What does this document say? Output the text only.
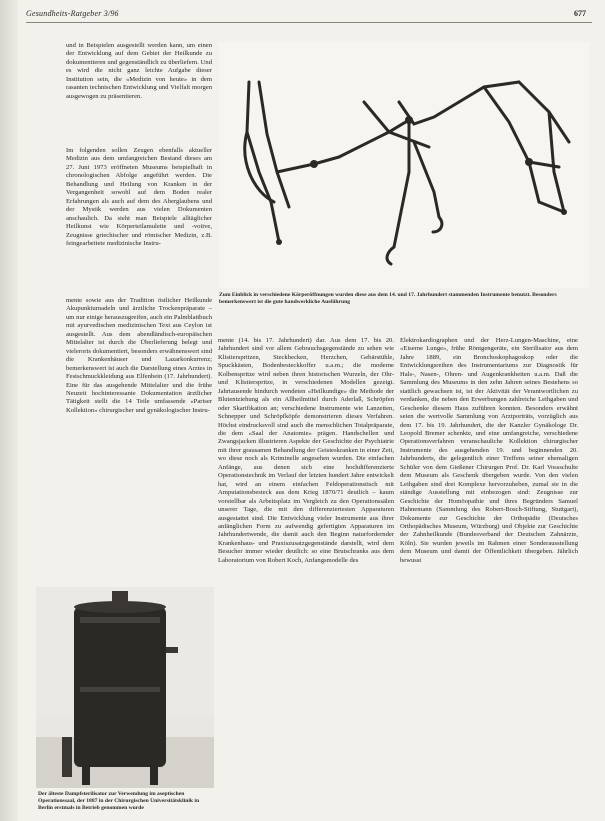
Gesundheits-Ratgeber 3/96	677

und in Beispielen ausgestellt werden kann, um einen der Entwicklung auf dem Gebiet der Heilkunde zu dokumentieren und gegenständlich zu überliefern. Und es wird die nicht ganz leichte Aufgabe dieser Institution sein, die «Medizin von heute» in dem rasanten technischen Entwicklung und Vielfalt morgen ausgewogen zu präsentieren.

Im folgenden sollen Zeugen ebenfalls aktueller Medizin aus dem umfangreichen Bestand dieses am 27. Juni 1973 eröffneten Museums beispielhaft in chronologischen Abfolge angeführt werden. Die Behandlung und Heilung von Kranken in der Vergangenheit sowohl auf dem Boden realer Erfahrungen als auch auf dem des Aberglaubens und der Mystik werden aus vielen Dokumenten anschaulich. Da sieht man Beispiele alltäglicher Heilkunst wie Körperteilamulette und -votive, Zeugnisse griechischer und römischer Medizin, z.B. feingearbeitete medizinische Instru-

mente sowie aus der Tradition östlicher Heilkunde Akupunkturnadeln und ärztliche Trockenpräparate – um nur einige herauszugreifen, auch ein Palmblattbuch mit ayurvedischen medizinischen Text aus Ceylon ist ausgestellt. Aus dem abendländisch-europäischen Mittelalter ist durch die Überlieferung belegt und vielerorts dokumentiert, besonders erwähnenswert sind die Krankenhäuser und Lazarkonkurrenz; bemerkenswert ist auch die Darstellung eines Arztes in Festschmuckkleidung aus Elfenbein (17. Jahrhundert). Eine für das ausgehende Mittelalter und die frühe Neuzeit hochinteressante Dokumentation ärztlicher Tätigkeit stellt die 14 Teile umfassende «Pariser Kollektion» chirurgischer und gynäkologischer Instru-

Zum Einblick in verschiedene Körperöffnungen wurden diese aus dem 14. und 17. Jahrhundert stammenden Instrumente benutzt. Besonders bemerkenswert ist die gute handwerkliche Ausführung

mente (14. bis 17. Jahrhundert) dar. Aus dem 17. bis 20. Jahrhundert sind vor allem Gebrauchsgegenstände zu sehen wie Klistierspritzen, Steckbecken, Herzchen, Gebärstühle, Spuckkästen, Bodenbesteckkoffer u.a.m.; die moderne Kolbenspritze wird neben ihren historischen Wurzeln, der Ohr- und Klistierspritze, in verschiedenen Modellen gezeigt. Jahrtausende hindurch wendeten «Heilkundige» die Methode der Blutentziehung als ein Allheilmittel durch Aderlaß, Schröpfen oder Skarifikation an; verschiedene Instrumente wie Lanzetten, Schnepper und Schröpfköpfe demonstrieren dieses Verfahren. Höchst eindrucksvoll sind auch die menschlichen Totalpräparate, die dem «Saal der Anatomie» prägen. Handschellen und Zwangsjacken illustrieren Aspekte der Geschichte der Psychiatrie mit ihrer grausamen Behandlung der Geisteskranken in einer Zeit, wo diese noch als Kriminelle angesehen wurden. Die einfachen Anfänge, aus denen sich eine hochdifferenzierte Operationstechnik im Verlauf der letzten hundert Jahre entwickelt hat, wird an einem einfachen Feldoperationstisch mit Amputationsbesteck aus dem Krieg 1870/71 deutlich – kaum vorstellbar als Arbeitsplatz im Vergleich zu den Operationssälen unserer Tage, die mit den differenziertesten Apparaturen ausgestattet sind. Die Entwicklung vieler Instrumente aus ihrer anfänglichen Form zu aufwendig gefertigten Apparaturen im Jahrhundertwende, die damit auch den Beginn naturfordernder Krankenhaus- und Praxiszusatzgegenstände darstellt, wird dem Besucher immer wieder deutlich: so eine Brutschranks aus dem Laboratorium von Robert Koch, Anfangsmodelle des

Elektrokardiographen und der Herz-Lungen-Maschine, eine «Eiserne Lunge», frühe Röntgengeräte, ein Sterilisator aus dem Jahre 1889, ein Bronchoskophagoskop oder die Entwicklungsreihen des Instrumentariums zur Diagnostik für Hals-, Nasen-, Ohren- und Augenkrankheiten u.a.m. Daß die Sammlung des Museums in den zehn Jahren seines Bestehens so stattlich gewachsen ist, ist der Aktivität der Verantwortlichen zu verdanken, die neben den Erwerbungen zahlreiche Leihgaben und Geschenke diesem Haus zuführen konnten. Besonders erwähnt seien die wertvolle Sammlung von Arztporträts, vorzüglich aus dem 17. bis 19. Jahrhundert, die der Kanzler Gynäkologe Dr. Leopold Bremer schenkte, und eine umfangreiche, verschiedene Operationsverfahren veranschauliche Kollektion chirurgischer Instrumente des ausgehenden 19. und beginnenden 20. Jahrhunderts, die gelegentlich einer Treffens seiner ehemaligen Schüler von dem Gießener Chirurgen Prof. Dr. Karl Vossschulte dem Museum als Geschenk übergeben wurde. Von den vielen Leihgaben sind drei Komplexe hervorzuheben, zumal sie in die ständige Ausstellung mit einbezogen sind: Zeugnisse zur Geschichte der Homöopathie und ihres Begründers Samuel Hahnemann (Sammlung des Robert-Bosch-Stiftung, Stuttgart), Dokumente zur Geschichte der Orthopädie (Deutsches Orthopädisches Museum, Würzburg) und Objekte zur Geschichte der Zahnheilkunde (Bundesverband der Deutschen Zahnärzte, Köln). Sie wurden jeweils im Rahmen einer Sonderausstellung dem Museum und damit der Öffentlichkeit übergeben. Jährlich bewusst

Der älteste Dampfsterilisator zur Verwendung im aseptischen Operationssaal, der 1887 in der Chirurgischen Universitätsklinik in Berlin erstmals in Betrieb genommen wurde
